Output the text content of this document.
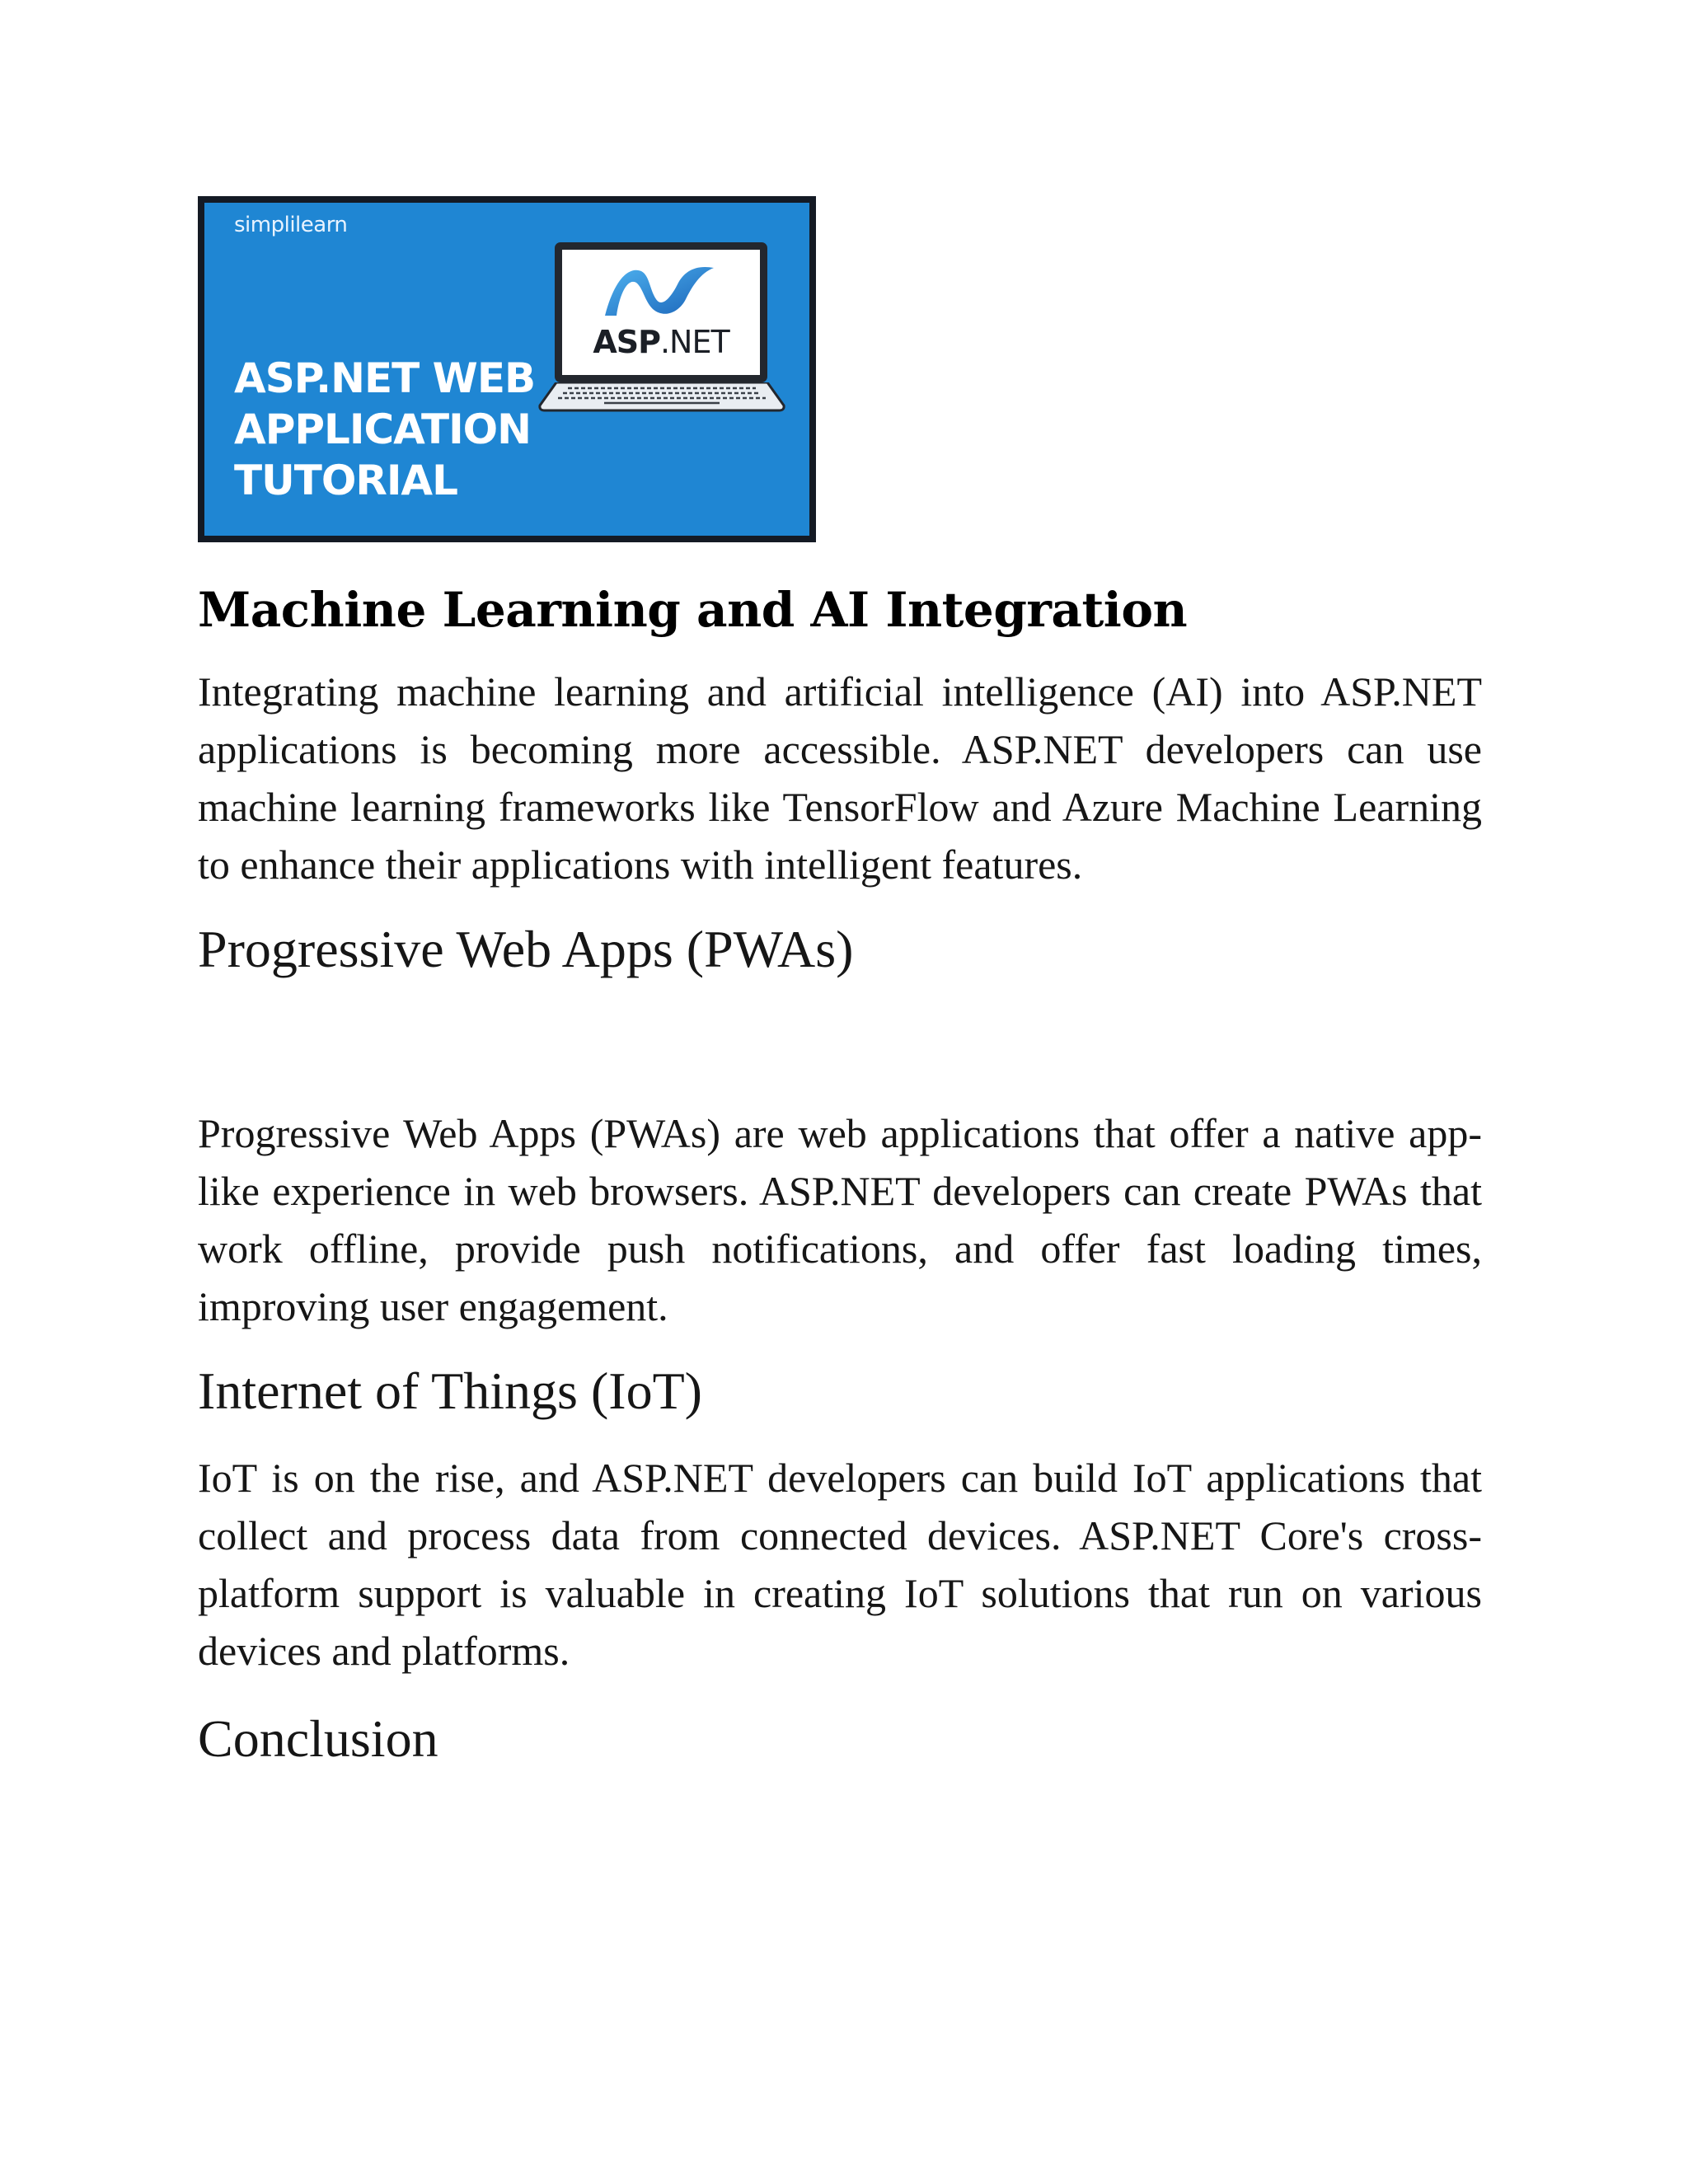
simplilearn
ASP.NET
ASP.NET WEB
APPLICATION
TUTORIAL
Machine Learning and AI Integration

Integrating machine learning and artificial intelligence (AI) into ASP.NET applications is becoming more accessible. ASP.NET developers can use machine learning frameworks like TensorFlow and Azure Machine Learning to enhance their applications with intelligent features.

Progressive Web Apps (PWAs)

Progressive Web Apps (PWAs) are web applications that offer a native app-like experience in web browsers. ASP.NET developers can create PWAs that work offline, provide push notifications, and offer fast loading times, improving user engagement.

Internet of Things (IoT)

IoT is on the rise, and ASP.NET developers can build IoT applications that collect and process data from connected devices. ASP.NET Core's cross-platform support is valuable in creating IoT solutions that run on various devices and platforms.

Conclusion
